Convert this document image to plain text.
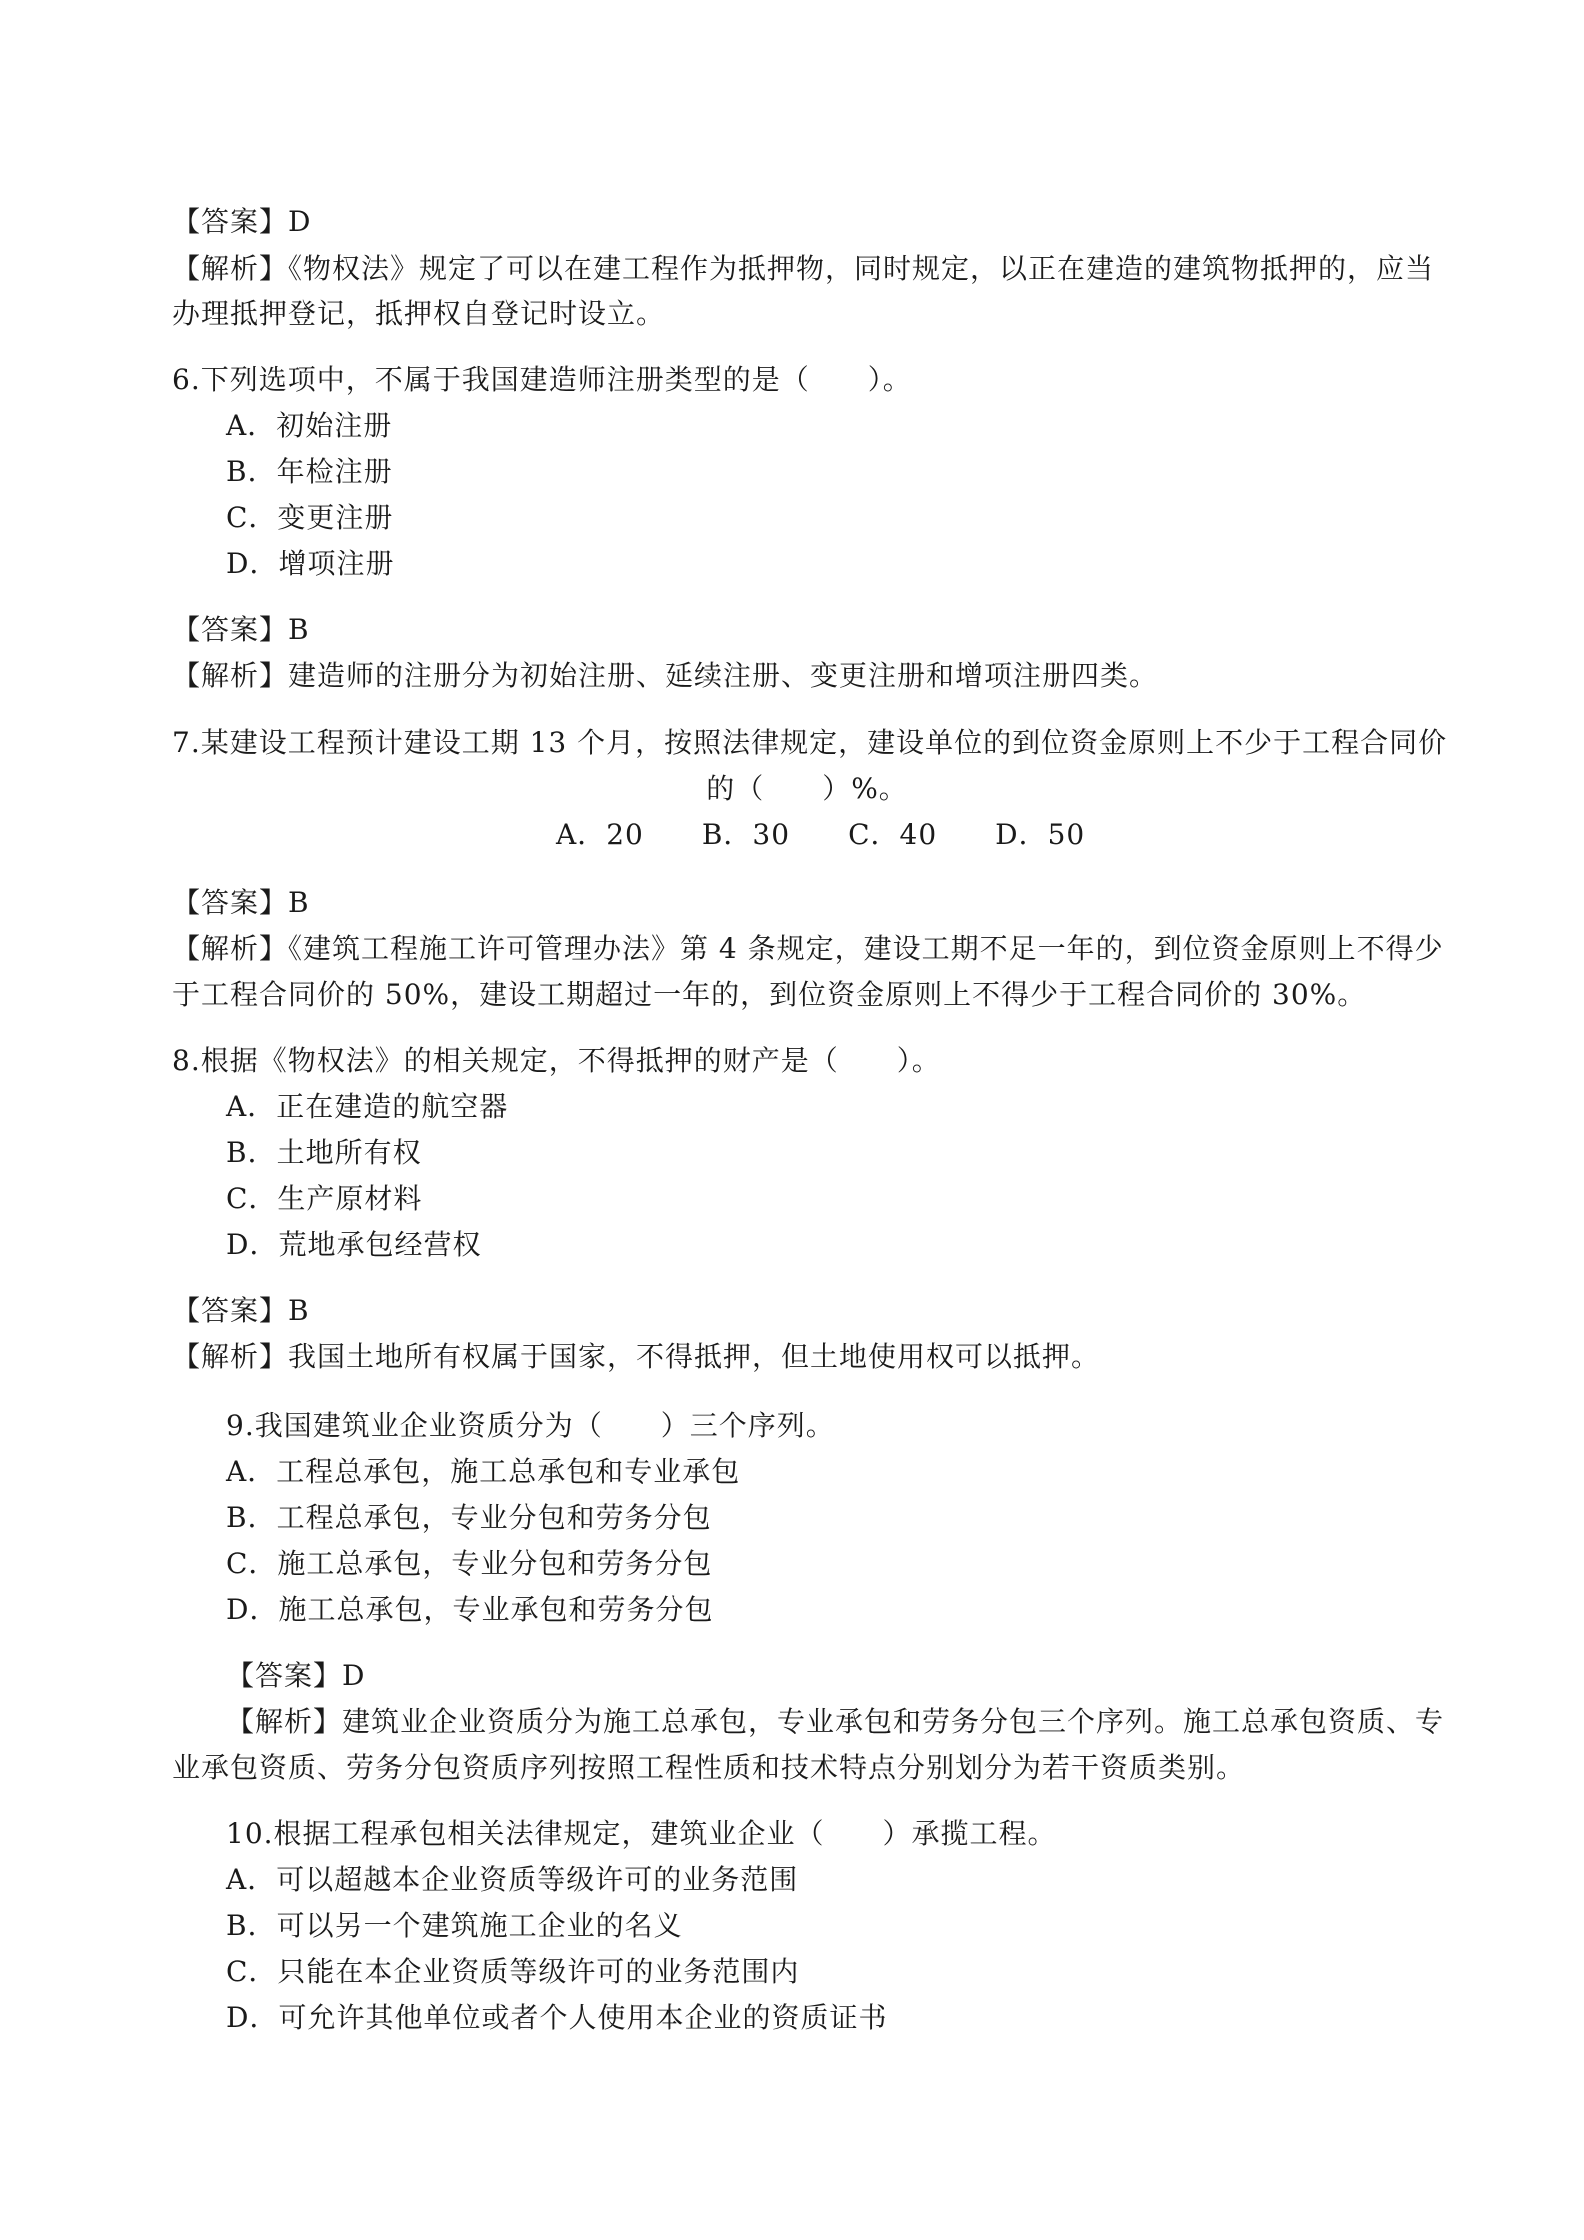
【答案】D
【解析】《物权法》规定了可以在建工程作为抵押物，同时规定，以正在建造的建筑物抵押的，应当
办理抵押登记，抵押权自登记时设立。
6.下列选项中，不属于我国建造师注册类型的是（　　）。
A．初始注册
B．年检注册
C．变更注册
D．增项注册
【答案】B
【解析】建造师的注册分为初始注册、延续注册、变更注册和增项注册四类。
7.某建设工程预计建设工期 13 个月，按照法律规定，建设单位的到位资金原则上不少于工程合同价
的（　　）%。
A．20 B．30 C．40 D．50
【答案】B
【解析】《建筑工程施工许可管理办法》第 4 条规定，建设工期不足一年的，到位资金原则上不得少
于工程合同价的 50%，建设工期超过一年的，到位资金原则上不得少于工程合同价的 30%。
8.根据《物权法》的相关规定，不得抵押的财产是（　　）。
A．正在建造的航空器
B．土地所有权
C．生产原材料
D．荒地承包经营权
【答案】B
【解析】我国土地所有权属于国家，不得抵押，但土地使用权可以抵押。
9.我国建筑业企业资质分为（　　）三个序列。
A．工程总承包，施工总承包和专业承包
B．工程总承包，专业分包和劳务分包
C．施工总承包，专业分包和劳务分包
D．施工总承包，专业承包和劳务分包
【答案】D
【解析】建筑业企业资质分为施工总承包，专业承包和劳务分包三个序列。施工总承包资质、专
业承包资质、劳务分包资质序列按照工程性质和技术特点分别划分为若干资质类别。
10.根据工程承包相关法律规定，建筑业企业（　　）承揽工程。
A．可以超越本企业资质等级许可的业务范围
B．可以另一个建筑施工企业的名义
C．只能在本企业资质等级许可的业务范围内
D．可允许其他单位或者个人使用本企业的资质证书
